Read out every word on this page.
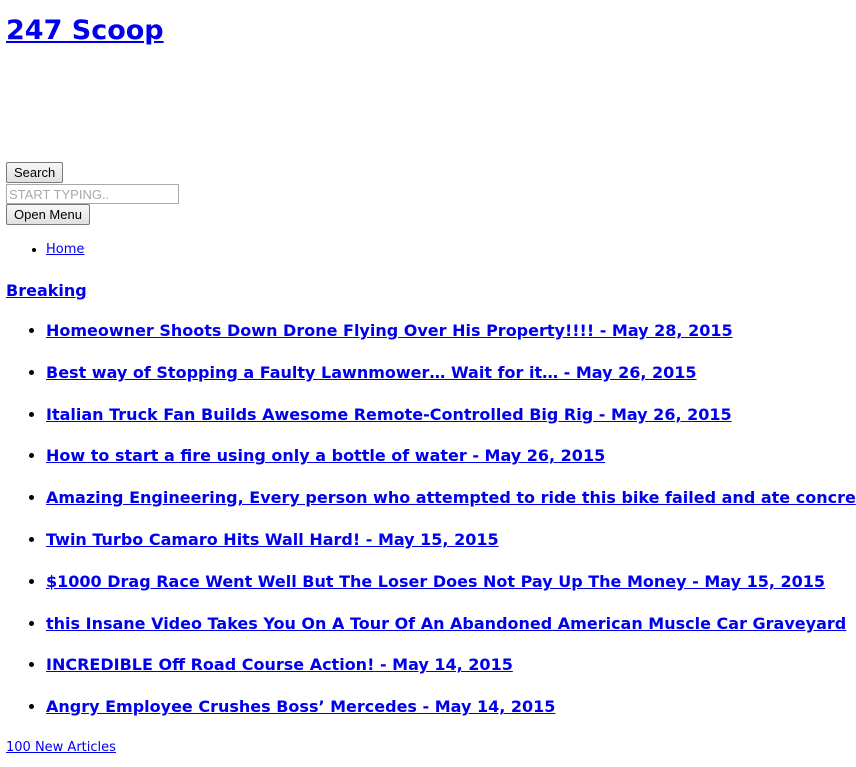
247 Scoop
Search
START TYPING..
Open Menu
• Home
Breaking
• Homeowner Shoots Down Drone Flying Over His Property!!!! - May 28, 2015
• Best way of Stopping a Faulty Lawnmower… Wait for it… - May 26, 2015
• Italian Truck Fan Builds Awesome Remote-Controlled Big Rig - May 26, 2015
• How to start a fire using only a bottle of water - May 26, 2015
• Amazing Engineering, Every person who attempted to ride this bike failed and ate concre
• Twin Turbo Camaro Hits Wall Hard! - May 15, 2015
• $1000 Drag Race Went Well But The Loser Does Not Pay Up The Money - May 15, 2015
• this Insane Video Takes You On A Tour Of An Abandoned American Muscle Car Graveyard
• INCREDIBLE Off Road Course Action! - May 14, 2015
• Angry Employee Crushes Boss’ Mercedes - May 14, 2015
100 New Articles
